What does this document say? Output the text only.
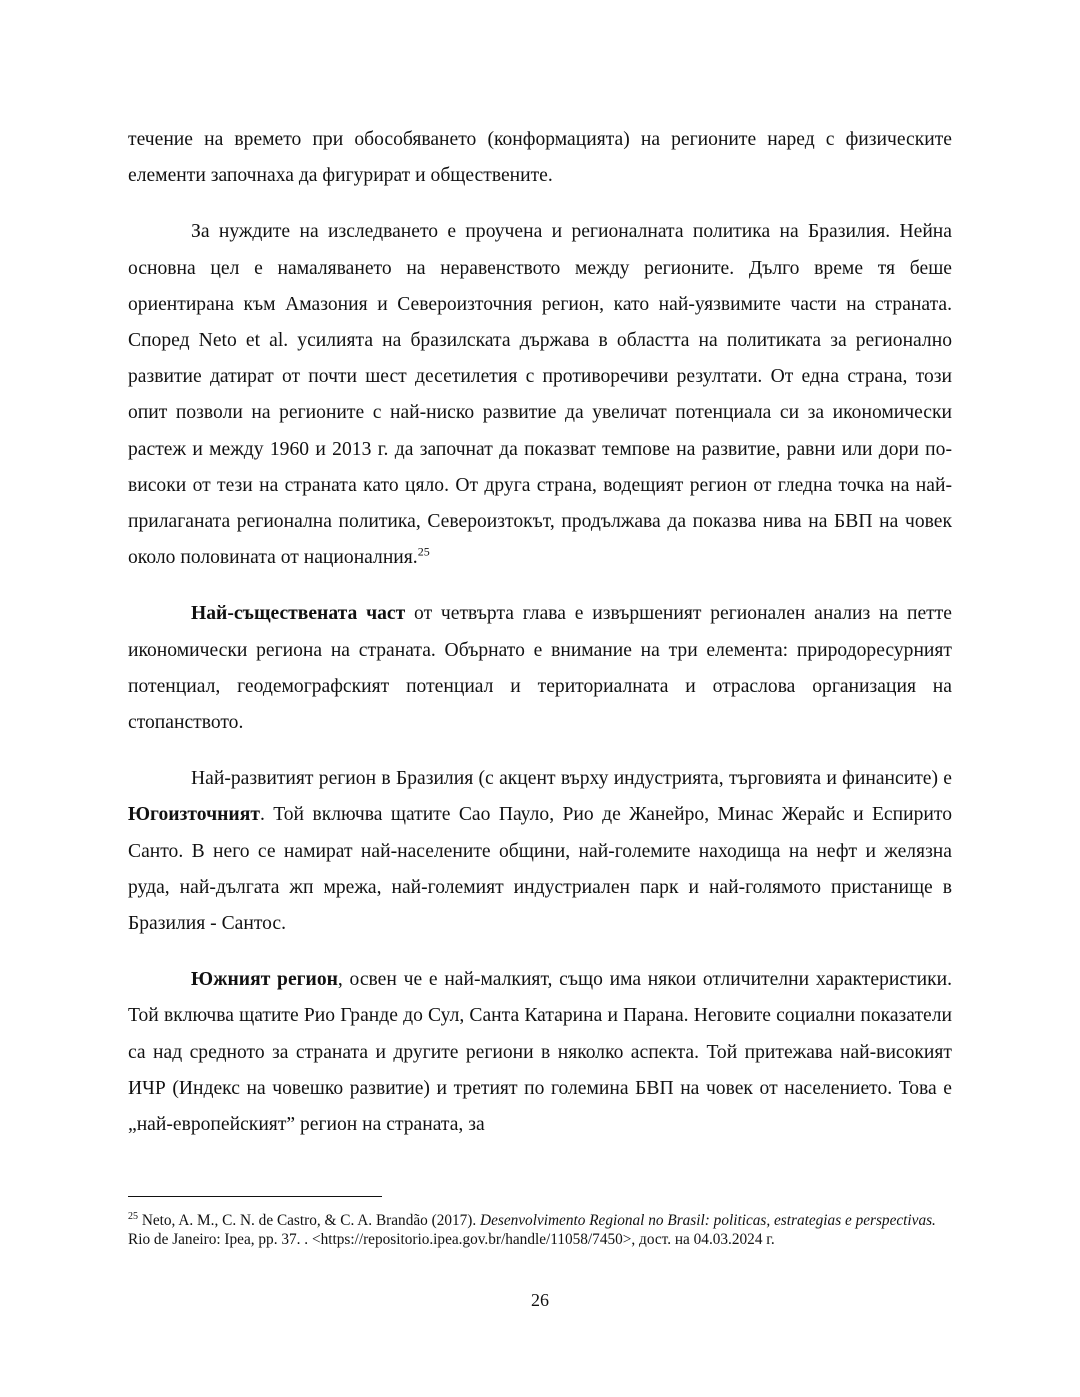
течение на времето при обособяването (конформацията) на регионите наред с физическите елементи започнаха да фигурират и обществените.

За нуждите на изследването е проучена и регионалната политика на Бразилия. Нейна основна цел е намаляването на неравенството между регионите. Дълго време тя беше ориентирана към Амазония и Североизточния регион, като най-уязвимите части на страната. Според Neto et al. усилията на бразилската държава в областта на политиката за регионално развитие датират от почти шест десетилетия с противоречиви резултати. От една страна, този опит позволи на регионите с най-ниско развитие да увеличат потенциала си за икономически растеж и между 1960 и 2013 г. да започнат да показват темпове на развитие, равни или дори по-високи от тези на страната като цяло. От друга страна, водещият регион от гледна точка на най-прилаганата регионална политика, Североизтокът, продължава да показва нива на БВП на човек около половината от националния.$^{25}$

Най-съществената част от четвърта глава е извършеният регионален анализ на петте икономически региона на страната. Обърнато е внимание на три елемента: природоресурният потенциал, геодемографският потенциал и териториалната и отраслова организация на стопанството.

Най-развитият регион в Бразилия (с акцент върху индустрията, търговията и финансите) е Югоизточният. Той включва щатите Сао Пауло, Рио де Жанейро, Минас Жерайс и Еспирито Санто. В него се намират най-населените общини, най-големите находища на нефт и желязна руда, най-дългата жп мрежа, най-големият индустриален парк и най-голямото пристанище в Бразилия - Сантос.

Южният регион, освен че е най-малкият, също има някои отличителни характеристики. Той включва щатите Рио Гранде до Сул, Санта Катарина и Парана. Неговите социални показатели са над средното за страната и другите региони в няколко аспекта. Той притежава най-високият ИЧР (Индекс на човешко развитие) и третият по големина БВП на човек от населението. Това е „най-европейският” регион на страната, за

$^{25}$ Neto, A. M., C. N. de Castro, & C. A. Brandão (2017). Desenvolvimento Regional no Brasil: politicas, estrategias e perspectivas. Rio de Janeiro: Ipea, pp. 37. . <https://repositorio.ipea.gov.br/handle/11058/7450>, дост. на 04.03.2024 г.
26
